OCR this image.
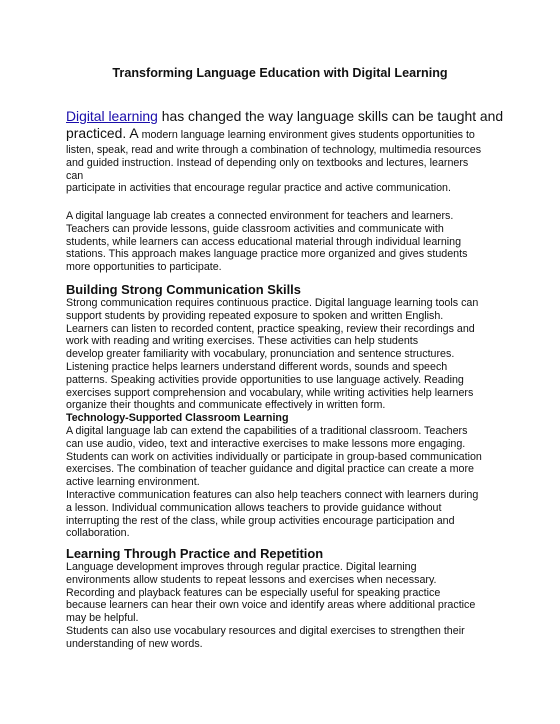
Transforming Language Education with Digital Learning
Digital learning has changed the way language skills can be taught and
practiced. A modern language learning environment gives students opportunities to
listen, speak, read and write through a combination of technology, multimedia resources
and guided instruction. Instead of depending only on textbooks and lectures, learners
can
participate in activities that encourage regular practice and active communication.
A digital language lab creates a connected environment for teachers and learners.
Teachers can provide lessons, guide classroom activities and communicate with
students, while learners can access educational material through individual learning
stations. This approach makes language practice more organized and gives students
more opportunities to participate.
Building Strong Communication Skills
Strong communication requires continuous practice. Digital language learning tools can
support students by providing repeated exposure to spoken and written English.
Learners can listen to recorded content, practice speaking, review their recordings and
work with reading and writing exercises. These activities can help students
develop greater familiarity with vocabulary, pronunciation and sentence structures.
Listening practice helps learners understand different words, sounds and speech
patterns. Speaking activities provide opportunities to use language actively. Reading
exercises support comprehension and vocabulary, while writing activities help learners
organize their thoughts and communicate effectively in written form.
Technology-Supported Classroom Learning
A digital language lab can extend the capabilities of a traditional classroom. Teachers
can use audio, video, text and interactive exercises to make lessons more engaging.
Students can work on activities individually or participate in group-based communication
exercises. The combination of teacher guidance and digital practice can create a more
active learning environment.
Interactive communication features can also help teachers connect with learners during
a lesson. Individual communication allows teachers to provide guidance without
interrupting the rest of the class, while group activities encourage participation and
collaboration.
Learning Through Practice and Repetition
Language development improves through regular practice. Digital learning
environments allow students to repeat lessons and exercises when necessary.
Recording and playback features can be especially useful for speaking practice
because learners can hear their own voice and identify areas where additional practice
may be helpful.
Students can also use vocabulary resources and digital exercises to strengthen their
understanding of new words.
